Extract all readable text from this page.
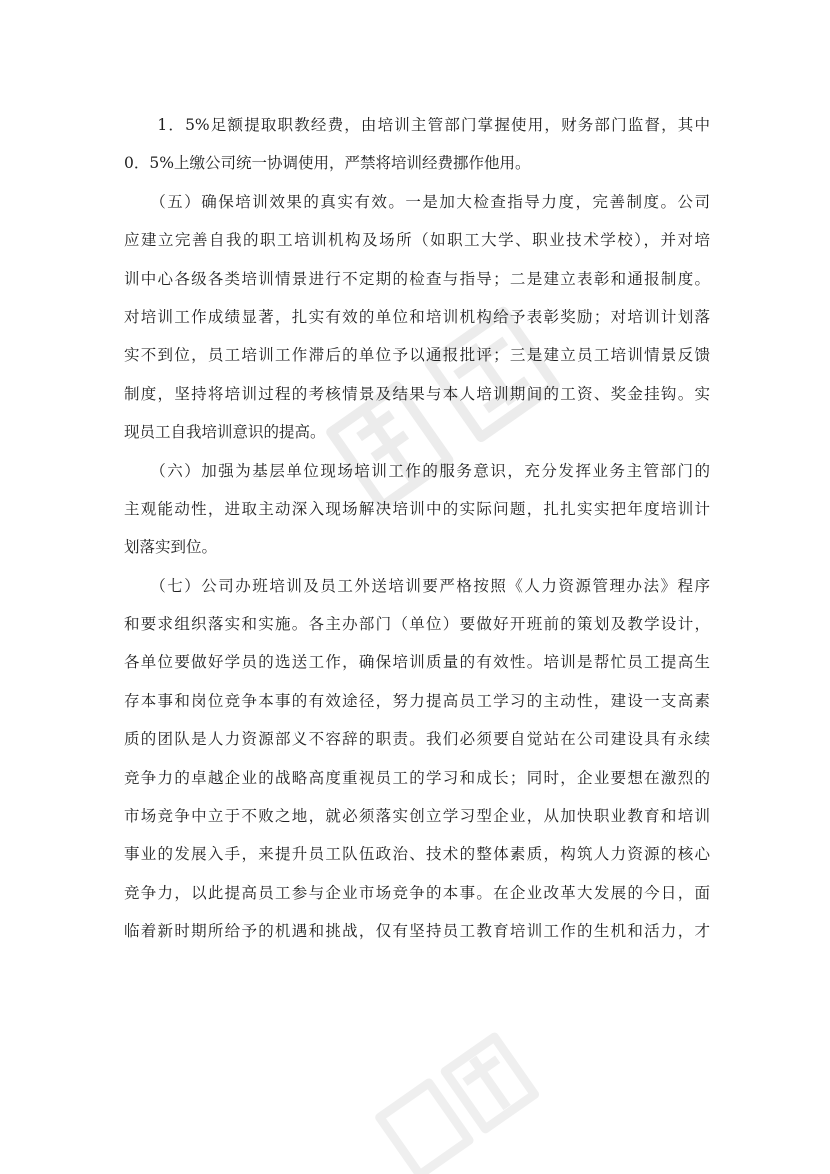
　　1．5%足额提取职教经费，由培训主管部门掌握使用，财务部门监督，其中
0．5%上缴公司统一协调使用，严禁将培训经费挪作他用。
　　（五）确保培训效果的真实有效。一是加大检查指导力度，完善制度。公司
应建立完善自我的职工培训机构及场所（如职工大学、职业技术学校），并对培
训中心各级各类培训情景进行不定期的检查与指导；二是建立表彰和通报制度。
对培训工作成绩显著，扎实有效的单位和培训机构给予表彰奖励；对培训计划落
实不到位，员工培训工作滞后的单位予以通报批评；三是建立员工培训情景反馈
制度，坚持将培训过程的考核情景及结果与本人培训期间的工资、奖金挂钩。实
现员工自我培训意识的提高。
　　（六）加强为基层单位现场培训工作的服务意识，充分发挥业务主管部门的
主观能动性，进取主动深入现场解决培训中的实际问题，扎扎实实把年度培训计
划落实到位。
　　（七）公司办班培训及员工外送培训要严格按照《人力资源管理办法》程序
和要求组织落实和实施。各主办部门（单位）要做好开班前的策划及教学设计，
各单位要做好学员的选送工作，确保培训质量的有效性。培训是帮忙员工提高生
存本事和岗位竞争本事的有效途径，努力提高员工学习的主动性，建设一支高素
质的团队是人力资源部义不容辞的职责。我们必须要自觉站在公司建设具有永续
竞争力的卓越企业的战略高度重视员工的学习和成长；同时，企业要想在激烈的
市场竞争中立于不败之地，就必须落实创立学习型企业，从加快职业教育和培训
事业的发展入手，来提升员工队伍政治、技术的整体素质，构筑人力资源的核心
竞争力，以此提高员工参与企业市场竞争的本事。在企业改革大发展的今日，面
临着新时期所给予的机遇和挑战，仅有坚持员工教育培训工作的生机和活力，才
